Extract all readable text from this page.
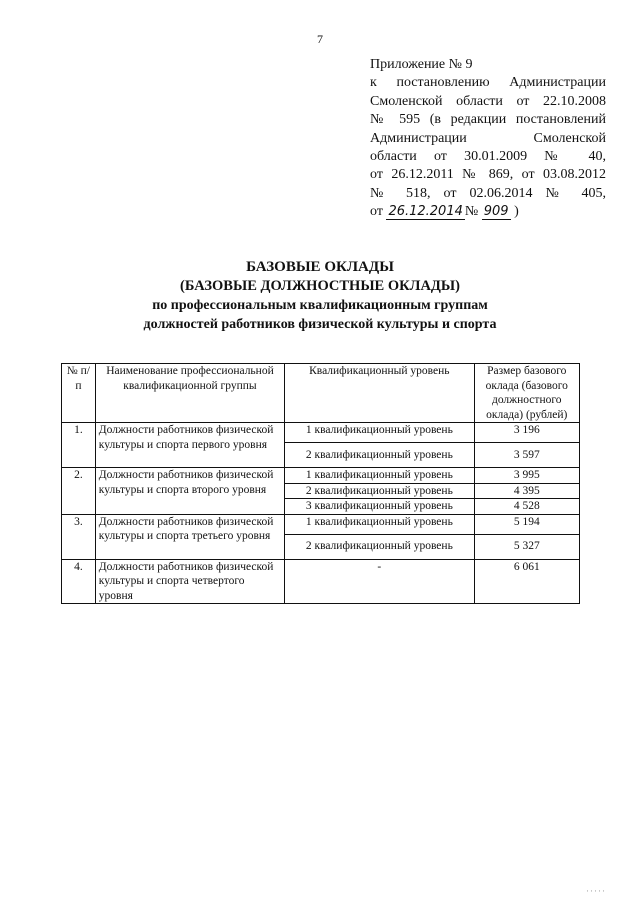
7
Приложение № 9
к постановлению Администрации
Смоленской области от 22.10.2008
№ 595 (в редакции постановлений
Администрации Смоленской
области от 30.01.2009 № 40,
от 26.12.2011 № 869, от 03.08.2012
№ 518, от 02.06.2014 № 405,
от 26.12.2014 № 909 )
БАЗОВЫЕ ОКЛАДЫ
(БАЗОВЫЕ ДОЛЖНОСТНЫЕ ОКЛАДЫ)
по профессиональным квалификационным группам
должностей работников физической культуры и спорта
№ п/п	Наименование профессиональной квалификационной группы	Квалификационный уровень	Размер базового оклада (базового должностного оклада) (рублей)
1.	Должности работников физической культуры и спорта первого уровня	1 квалификационный уровень	3 196
		2 квалификационный уровень	3 597
2.	Должности работников физической культуры и спорта второго уровня	1 квалификационный уровень	3 995
		2 квалификационный уровень	4 395
		3 квалификационный уровень	4 528
3.	Должности работников физической культуры и спорта третьего уровня	1 квалификационный уровень	5 194
		2 квалификационный уровень	5 327
4.	Должности работников физической культуры и спорта четвертого уровня	-	6 061
·····
